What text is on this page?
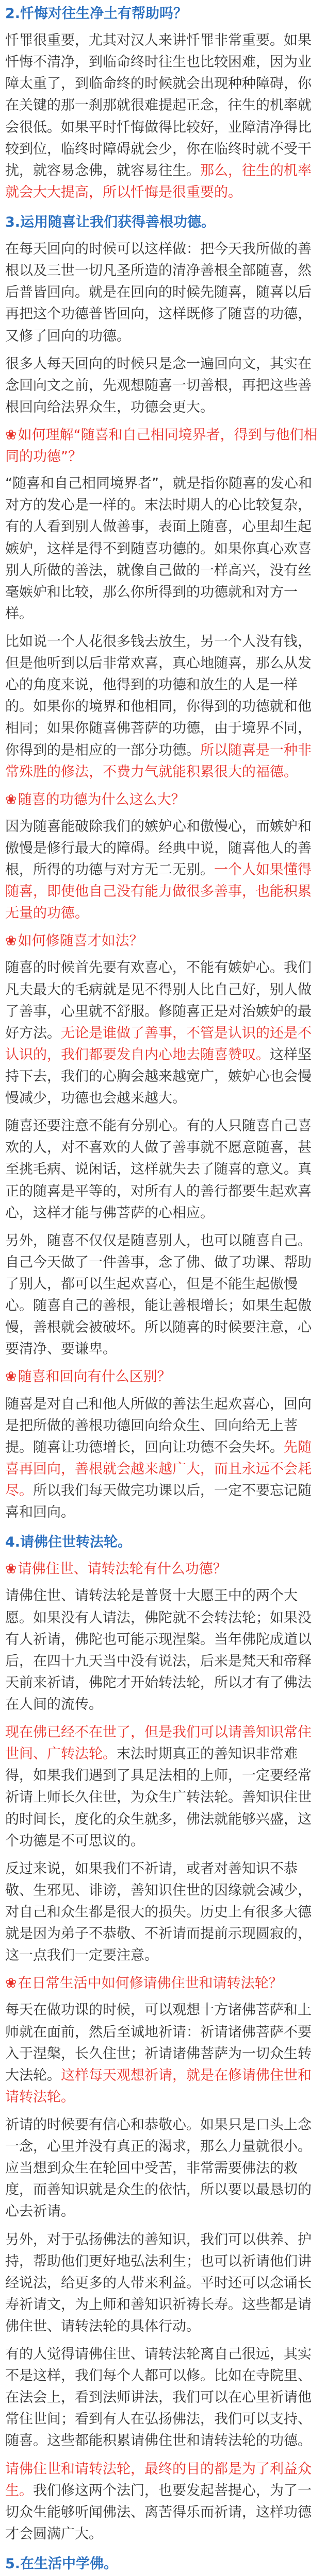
2.忏悔对往生净土有帮助吗？

忏罪很重要，尤其对汉人来讲忏罪非常重要。如果忏悔不清净，到临命终时往生也比较困难，因为业障太重了，到临命终的时候就会出现种种障碍，你在关键的那一刹那就很难提起正念，往生的机率就会很低。如果平时忏悔做得比较好，业障清净得比较到位，临终时障碍就会少，你在临终时就不受干扰，就容易念佛，就容易往生。那么，往生的机率就会大大提高，所以忏悔是很重要的。

3.运用随喜让我们获得善根功德。

在每天回向的时候可以这样做：把今天我所做的善根以及三世一切凡圣所造的清净善根全部随喜，然后普皆回向。就是在回向的时候先随喜，随喜以后再把这个功德普皆回向，这样既修了随喜的功德，又修了回向的功德。

很多人每天回向的时候只是念一遍回向文，其实在念回向文之前，先观想随喜一切善根，再把这些善根回向给法界众生，功德会更大。

❀如何理解“随喜和自己相同境界者，得到与他们相同的功德”？

“随喜和自己相同境界者”，就是指你随喜的发心和对方的发心是一样的。末法时期人的心比较复杂，有的人看到别人做善事，表面上随喜，心里却生起嫉妒，这样是得不到随喜功德的。如果你真心欢喜别人所做的善法，就像自己做的一样高兴，没有丝毫嫉妒和比较，那么你所得到的功德就和对方一样。

比如说一个人花很多钱去放生，另一个人没有钱，但是他听到以后非常欢喜，真心地随喜，那么从发心的角度来说，他得到的功德和放生的人是一样的。如果你的境界和他相同，你得到的功德就和他相同；如果你随喜佛菩萨的功德，由于境界不同，你得到的是相应的一部分功德。所以随喜是一种非常殊胜的修法，不费力气就能积累很大的福德。

❀随喜的功德为什么这么大？

因为随喜能破除我们的嫉妒心和傲慢心，而嫉妒和傲慢是修行最大的障碍。经典中说，随喜他人的善根，所得的功德与对方无二无别。一个人如果懂得随喜，即使他自己没有能力做很多善事，也能积累无量的功德。

❀如何修随喜才如法？

随喜的时候首先要有欢喜心，不能有嫉妒心。我们凡夫最大的毛病就是见不得别人比自己好，别人做了善事，心里就不舒服。修随喜正是对治嫉妒的最好方法。无论是谁做了善事，不管是认识的还是不认识的，我们都要发自内心地去随喜赞叹。这样坚持下去，我们的心胸会越来越宽广，嫉妒心也会慢慢减少，功德也会越来越大。

随喜还要注意不能有分别心。有的人只随喜自己喜欢的人，对不喜欢的人做了善事就不愿意随喜，甚至挑毛病、说闲话，这样就失去了随喜的意义。真正的随喜是平等的，对所有人的善行都要生起欢喜心，这样才能与佛菩萨的心相应。

另外，随喜不仅仅是随喜别人，也可以随喜自己。自己今天做了一件善事，念了佛、做了功课、帮助了别人，都可以生起欢喜心，但是不能生起傲慢心。随喜自己的善根，能让善根增长；如果生起傲慢，善根就会被破坏。所以随喜的时候要注意，心要清净、要谦卑。

❀随喜和回向有什么区别？

随喜是对自己和他人所做的善法生起欢喜心，回向是把所做的善根功德回向给众生、回向给无上菩提。随喜让功德增长，回向让功德不会失坏。先随喜再回向，善根就会越来越广大，而且永远不会耗尽。所以我们每天做完功课以后，一定不要忘记随喜和回向。

4.请佛住世转法轮。

❀请佛住世、请转法轮有什么功德？

请佛住世、请转法轮是普贤十大愿王中的两个大愿。如果没有人请法，佛陀就不会转法轮；如果没有人祈请，佛陀也可能示现涅槃。当年佛陀成道以后，在四十九天当中没有说法，后来是梵天和帝释天前来祈请，佛陀才开始转法轮，所以才有了佛法在人间的流传。

现在佛已经不在世了，但是我们可以请善知识常住世间、广转法轮。末法时期真正的善知识非常难得，如果我们遇到了具足法相的上师，一定要经常祈请上师长久住世，为众生广转法轮。善知识住世的时间长，度化的众生就多，佛法就能够兴盛，这个功德是不可思议的。

反过来说，如果我们不祈请，或者对善知识不恭敬、生邪见、诽谤，善知识住世的因缘就会减少，对自己和众生都是很大的损失。历史上有很多大德就是因为弟子不恭敬、不祈请而提前示现圆寂的，这一点我们一定要注意。

❀在日常生活中如何修请佛住世和请转法轮？

每天在做功课的时候，可以观想十方诸佛菩萨和上师就在面前，然后至诚地祈请：祈请诸佛菩萨不要入于涅槃，长久住世；祈请诸佛菩萨为一切众生转大法轮。这样每天观想祈请，就是在修请佛住世和请转法轮。

祈请的时候要有信心和恭敬心。如果只是口头上念一念，心里并没有真正的渴求，那么力量就很小。应当想到众生在轮回中受苦，非常需要佛法的救度，而善知识就是众生的依怙，所以要以最恳切的心去祈请。

另外，对于弘扬佛法的善知识，我们可以供养、护持，帮助他们更好地弘法利生；也可以祈请他们讲经说法，给更多的人带来利益。平时还可以念诵长寿祈请文，为上师和善知识祈祷长寿。这些都是请佛住世、请转法轮的具体行动。

有的人觉得请佛住世、请转法轮离自己很远，其实不是这样，我们每个人都可以修。比如在寺院里、在法会上，看到法师讲法，我们可以在心里祈请他常住世间；看到有人在弘扬佛法，我们可以支持、随喜。这些都能积累请佛住世和请转法轮的功德。

请佛住世和请转法轮，最终的目的都是为了利益众生。我们修这两个法门，也要发起菩提心，为了一切众生能够听闻佛法、离苦得乐而祈请，这样功德才会圆满广大。

5.在生活中学佛。
